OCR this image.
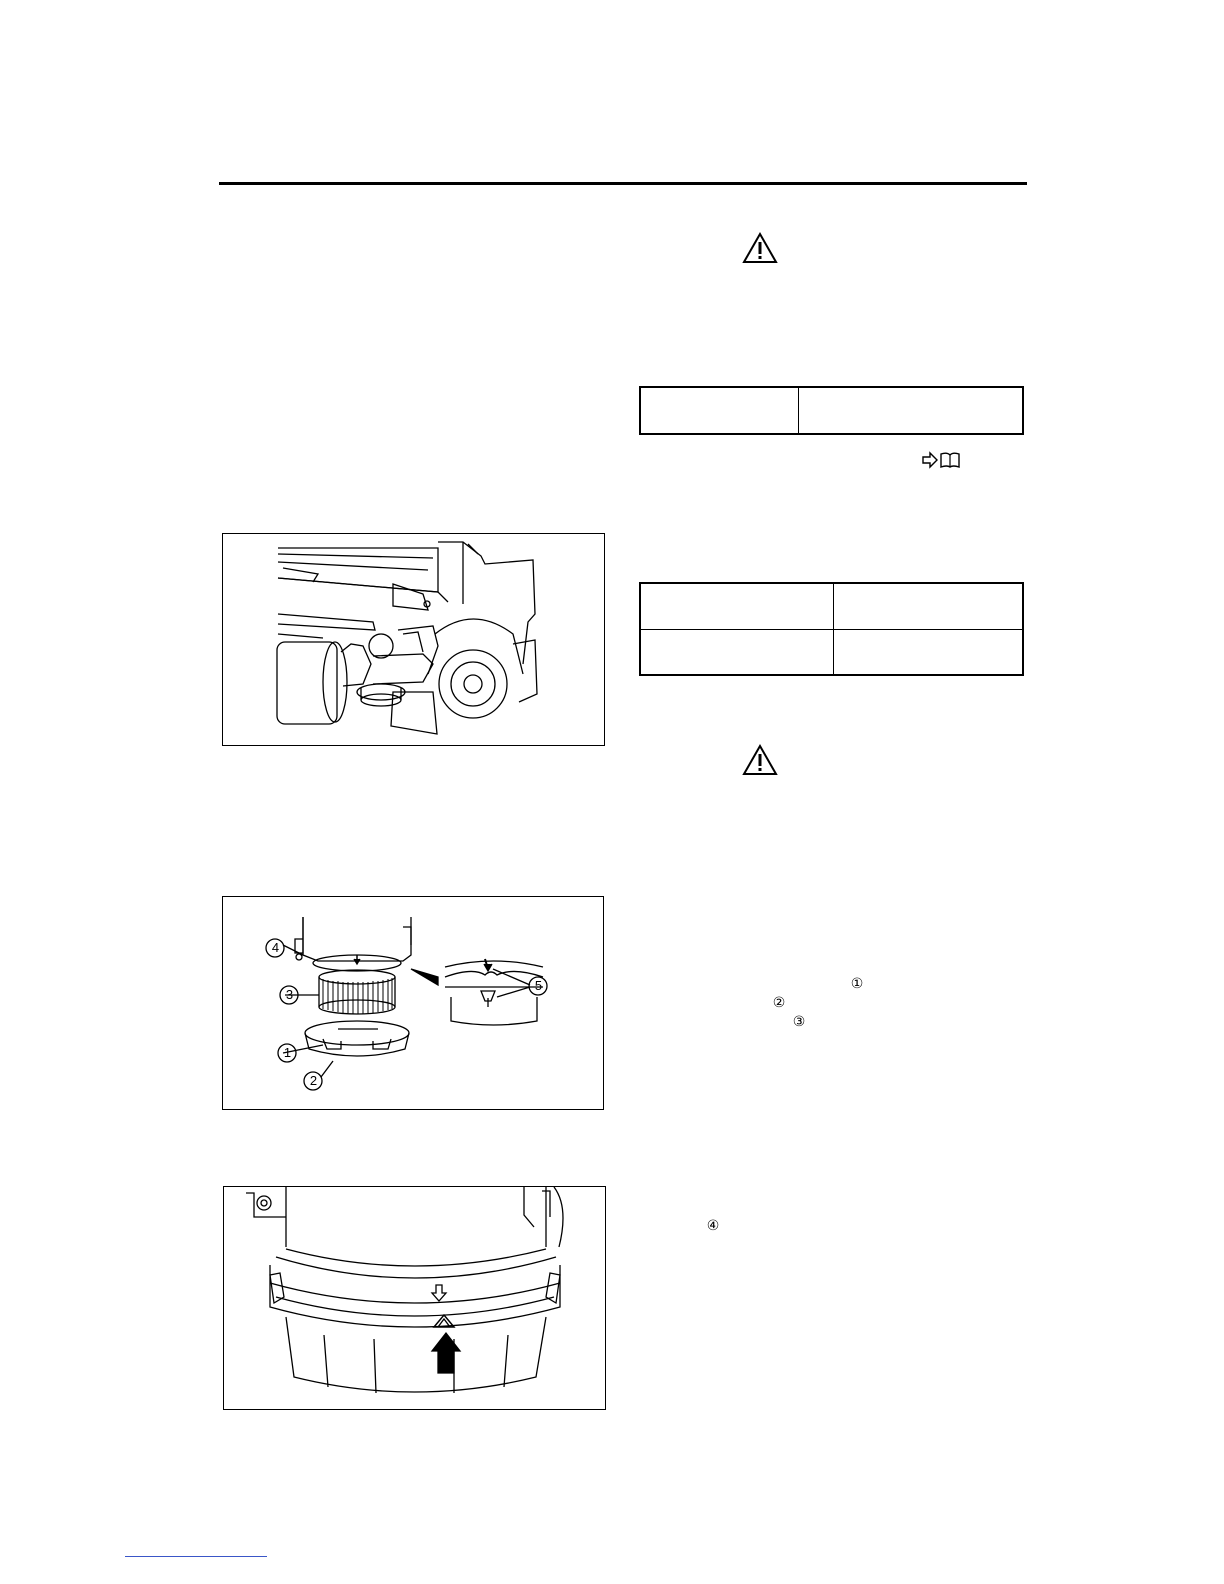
①
②
③
④
4
3
1
2
5
